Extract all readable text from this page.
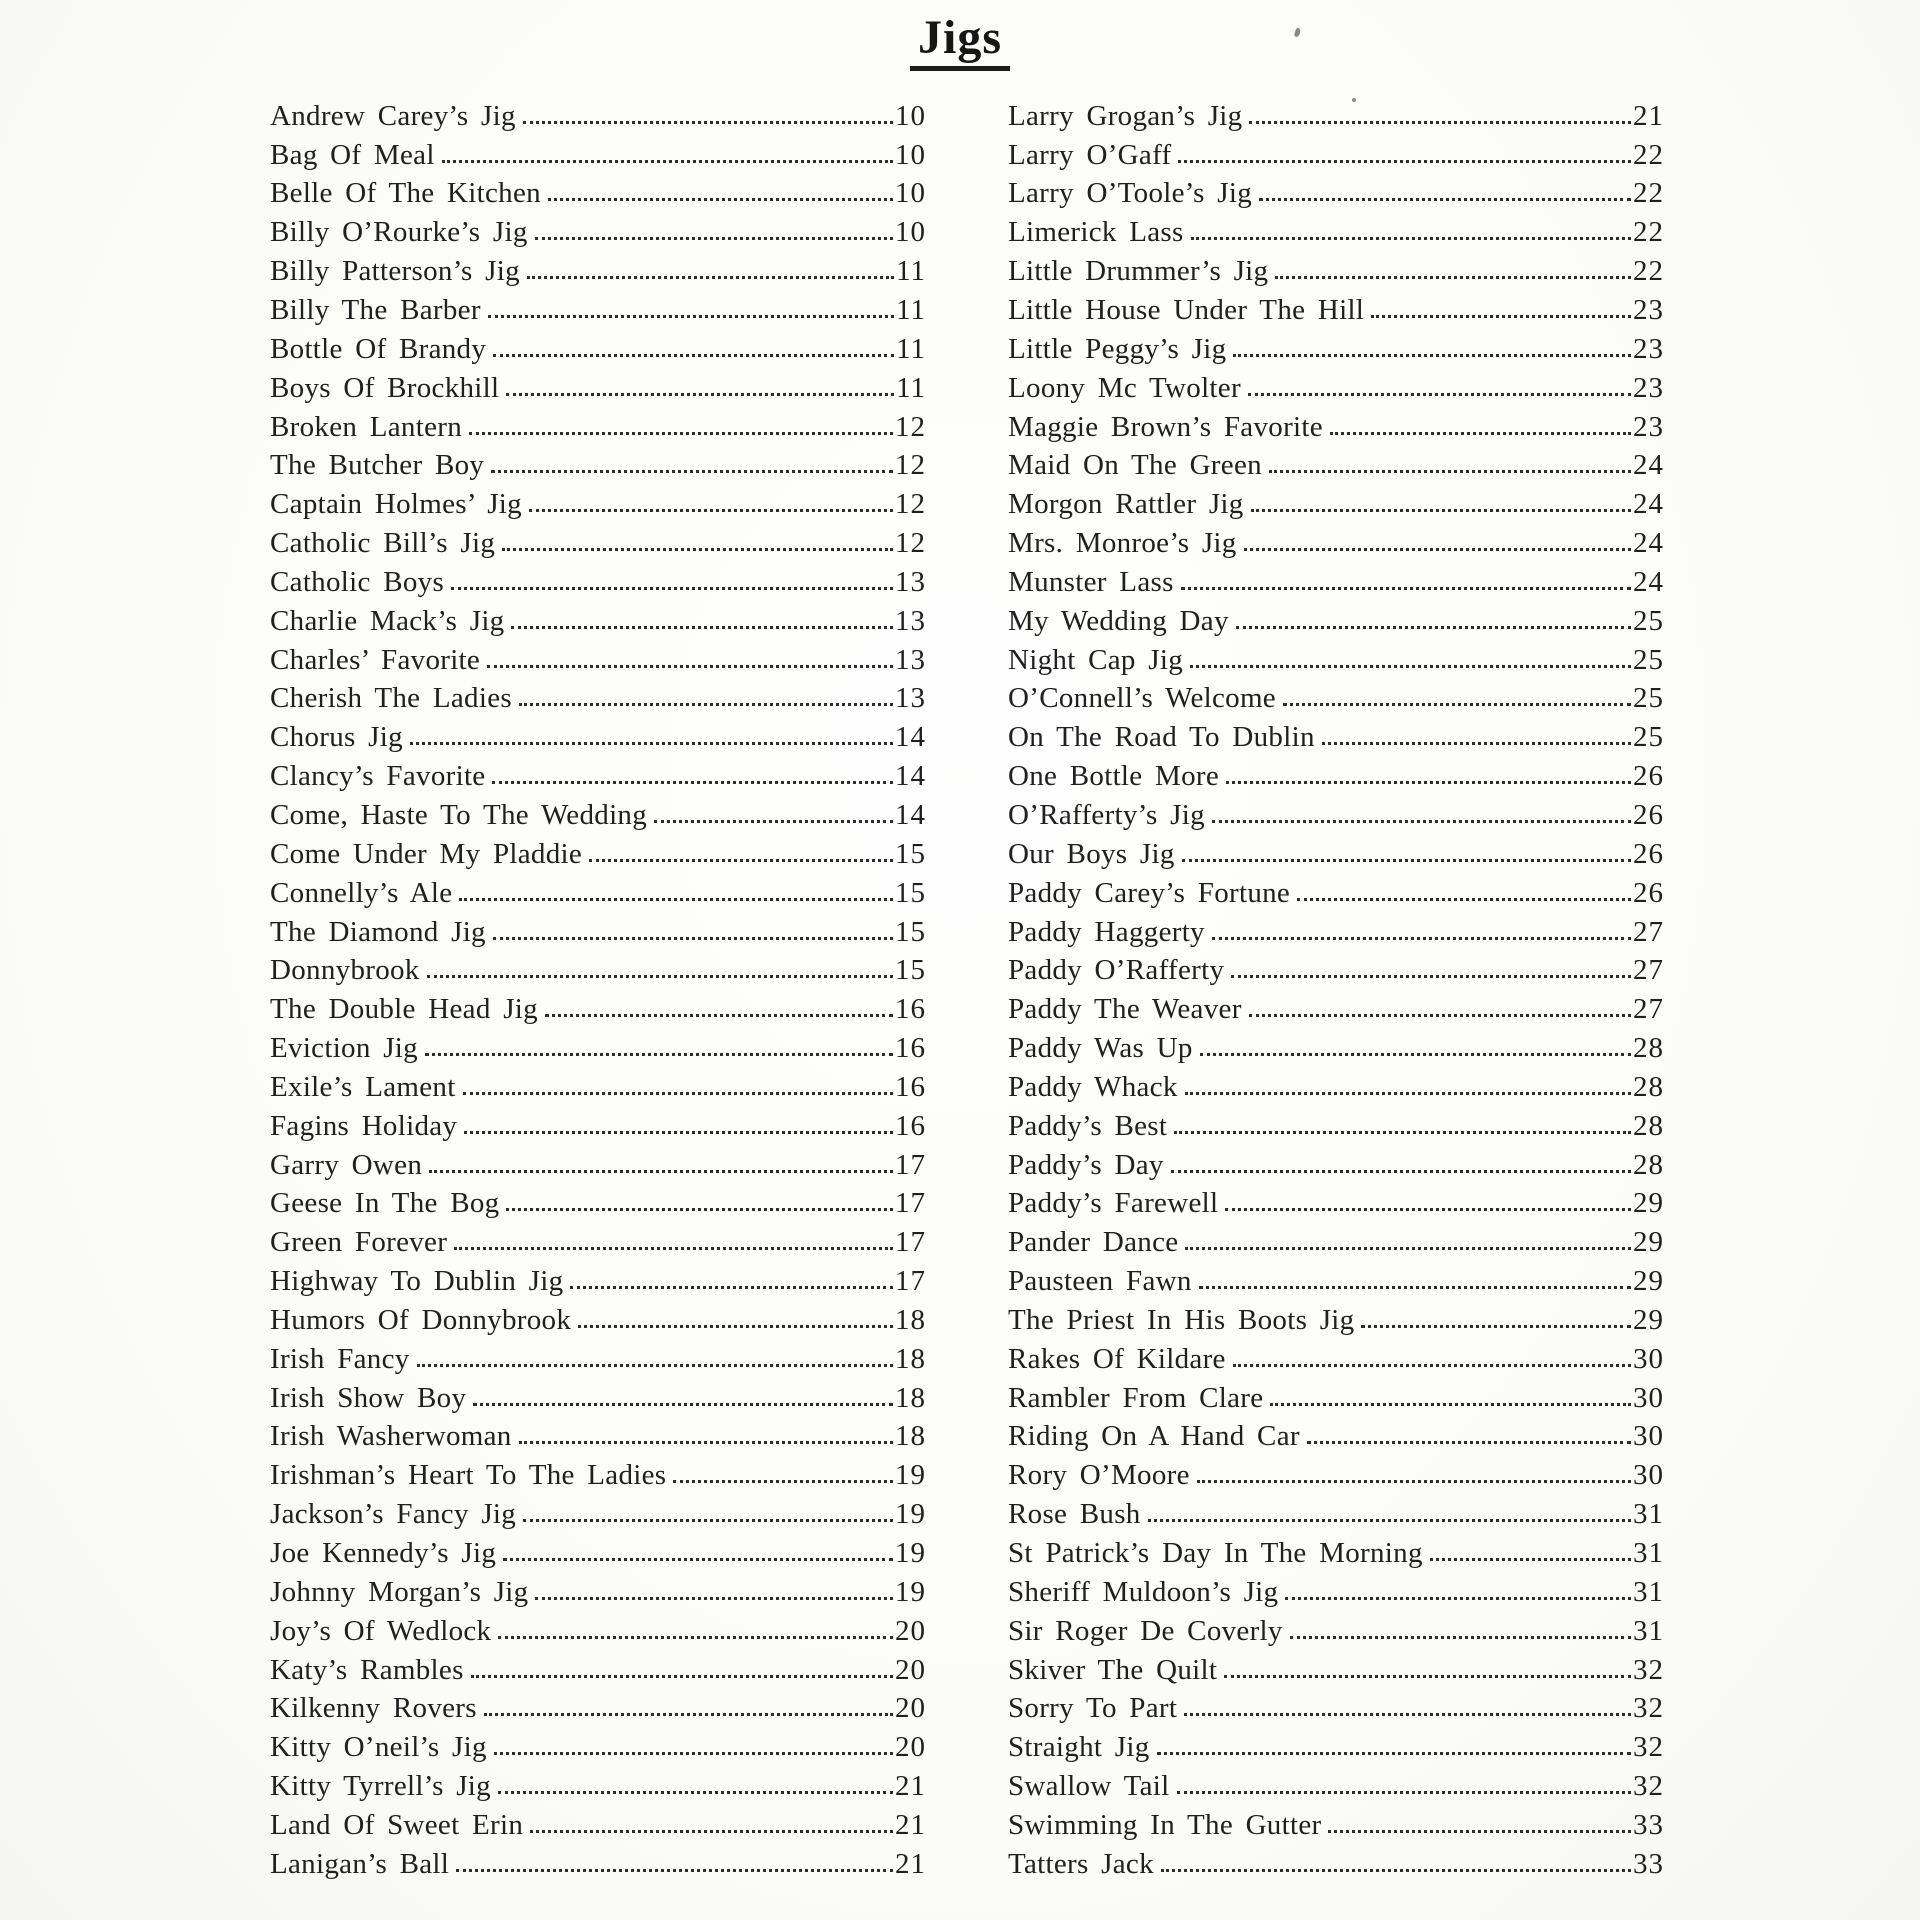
Jigs
Andrew Carey’s Jig	10
Bag Of Meal	10
Belle Of The Kitchen	10
Billy O’Rourke’s Jig	10
Billy Patterson’s Jig	11
Billy The Barber	11
Bottle Of Brandy	11
Boys Of Brockhill	11
Broken Lantern	12
The Butcher Boy	12
Captain Holmes’ Jig	12
Catholic Bill’s Jig	12
Catholic Boys	13
Charlie Mack’s Jig	13
Charles’ Favorite	13
Cherish The Ladies	13
Chorus Jig	14
Clancy’s Favorite	14
Come, Haste To The Wedding	14
Come Under My Pladdie	15
Connelly’s Ale	15
The Diamond Jig	15
Donnybrook	15
The Double Head Jig	16
Eviction Jig	16
Exile’s Lament	16
Fagins Holiday	16
Garry Owen	17
Geese In The Bog	17
Green Forever	17
Highway To Dublin Jig	17
Humors Of Donnybrook	18
Irish Fancy	18
Irish Show Boy	18
Irish Washerwoman	18
Irishman’s Heart To The Ladies	19
Jackson’s Fancy Jig	19
Joe Kennedy’s Jig	19
Johnny Morgan’s Jig	19
Joy’s Of Wedlock	20
Katy’s Rambles	20
Kilkenny Rovers	20
Kitty O’neil’s Jig	20
Kitty Tyrrell’s Jig	21
Land Of Sweet Erin	21
Lanigan’s Ball	21
Larry Grogan’s Jig	21
Larry O’Gaff	22
Larry O’Toole’s Jig	22
Limerick Lass	22
Little Drummer’s Jig	22
Little House Under The Hill	23
Little Peggy’s Jig	23
Loony Mc Twolter	23
Maggie Brown’s Favorite	23
Maid On The Green	24
Morgon Rattler Jig	24
Mrs. Monroe’s Jig	24
Munster Lass	24
My Wedding Day	25
Night Cap Jig	25
O’Connell’s Welcome	25
On The Road To Dublin	25
One Bottle More	26
O’Rafferty’s Jig	26
Our Boys Jig	26
Paddy Carey’s Fortune	26
Paddy Haggerty	27
Paddy O’Rafferty	27
Paddy The Weaver	27
Paddy Was Up	28
Paddy Whack	28
Paddy’s Best	28
Paddy’s Day	28
Paddy’s Farewell	29
Pander Dance	29
Pausteen Fawn	29
The Priest In His Boots Jig	29
Rakes Of Kildare	30
Rambler From Clare	30
Riding On A Hand Car	30
Rory O’Moore	30
Rose Bush	31
St Patrick’s Day In The Morning	31
Sheriff Muldoon’s Jig	31
Sir Roger De Coverly	31
Skiver The Quilt	32
Sorry To Part	32
Straight Jig	32
Swallow Tail	32
Swimming In The Gutter	33
Tatters Jack	33
